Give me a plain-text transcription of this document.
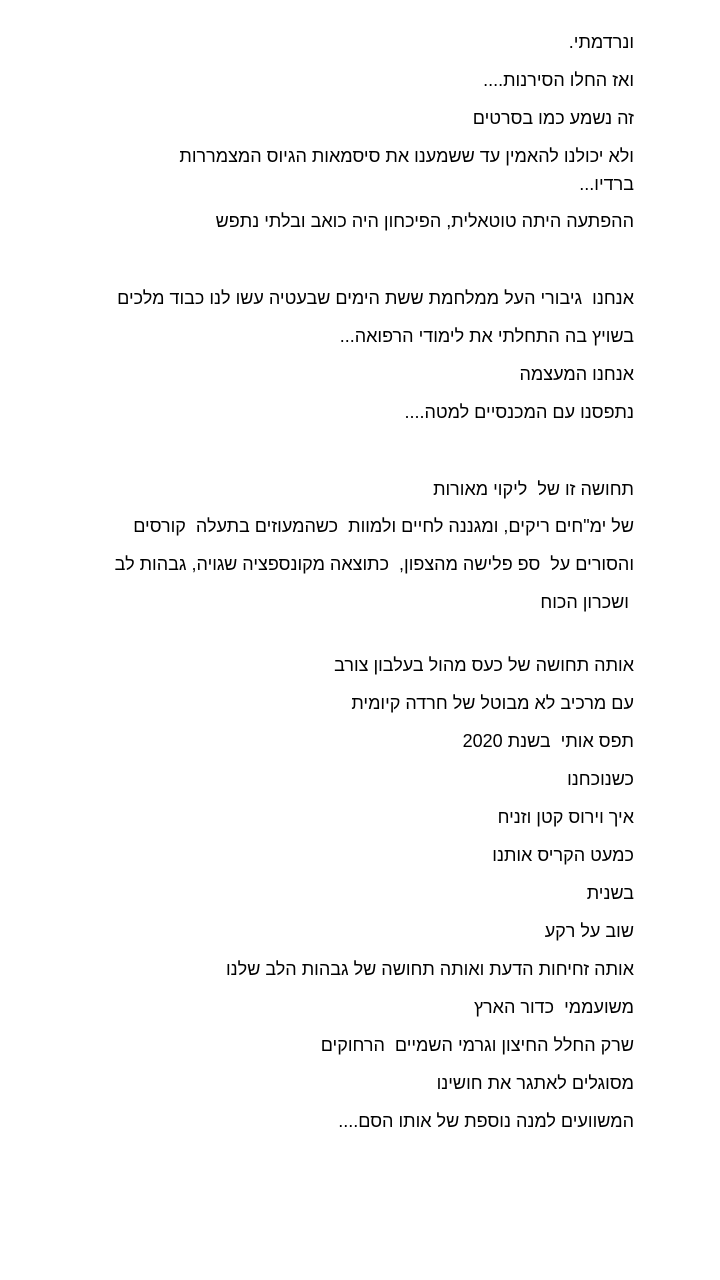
ונרדמתי.

ואז החלו הסירנות....

זה נשמע כמו בסרטים

ולא יכולנו להאמין עד ששמענו את סיסמאות הגיוס המצמררות

ברדיו...

ההפתעה היתה טוטאלית, הפיכחון היה כואב ובלתי נתפש

אנחנו  גיבורי העל ממלחמת ששת הימים שבעטיה עשו לנו כבוד מלכים

בשויץ בה התחלתי את לימודי הרפואה...

אנחנו המעצמה

נתפסנו עם המכנסיים למטה....

תחושה זו של  ליקוי מאורות

של ימ"חים ריקים, ומגננה לחיים ולמוות  כשהמעוזים בתעלה  קורסים

והסורים על  ספ פלישה מהצפון,  כתוצאה מקונספציה שגויה, גבהות לב

ושכרון הכוח

אותה תחושה של כעס מהול בעלבון צורב

עם מרכיב לא מבוטל של חרדה קיומית

תפס אותי  בשנת 2020

כשנוכחנו

איך וירוס קטן וזניח

כמעט הקריס אותנו

בשנית

שוב על רקע

אותה זחיחות הדעת ואותה תחושה של גבהות הלב שלנו

משועממי  כדור הארץ

שרק החלל החיצון וגרמי השמיים  הרחוקים

מסוגלים לאתגר את חושינו

המשוועים למנה נוספת של אותו הסם....
